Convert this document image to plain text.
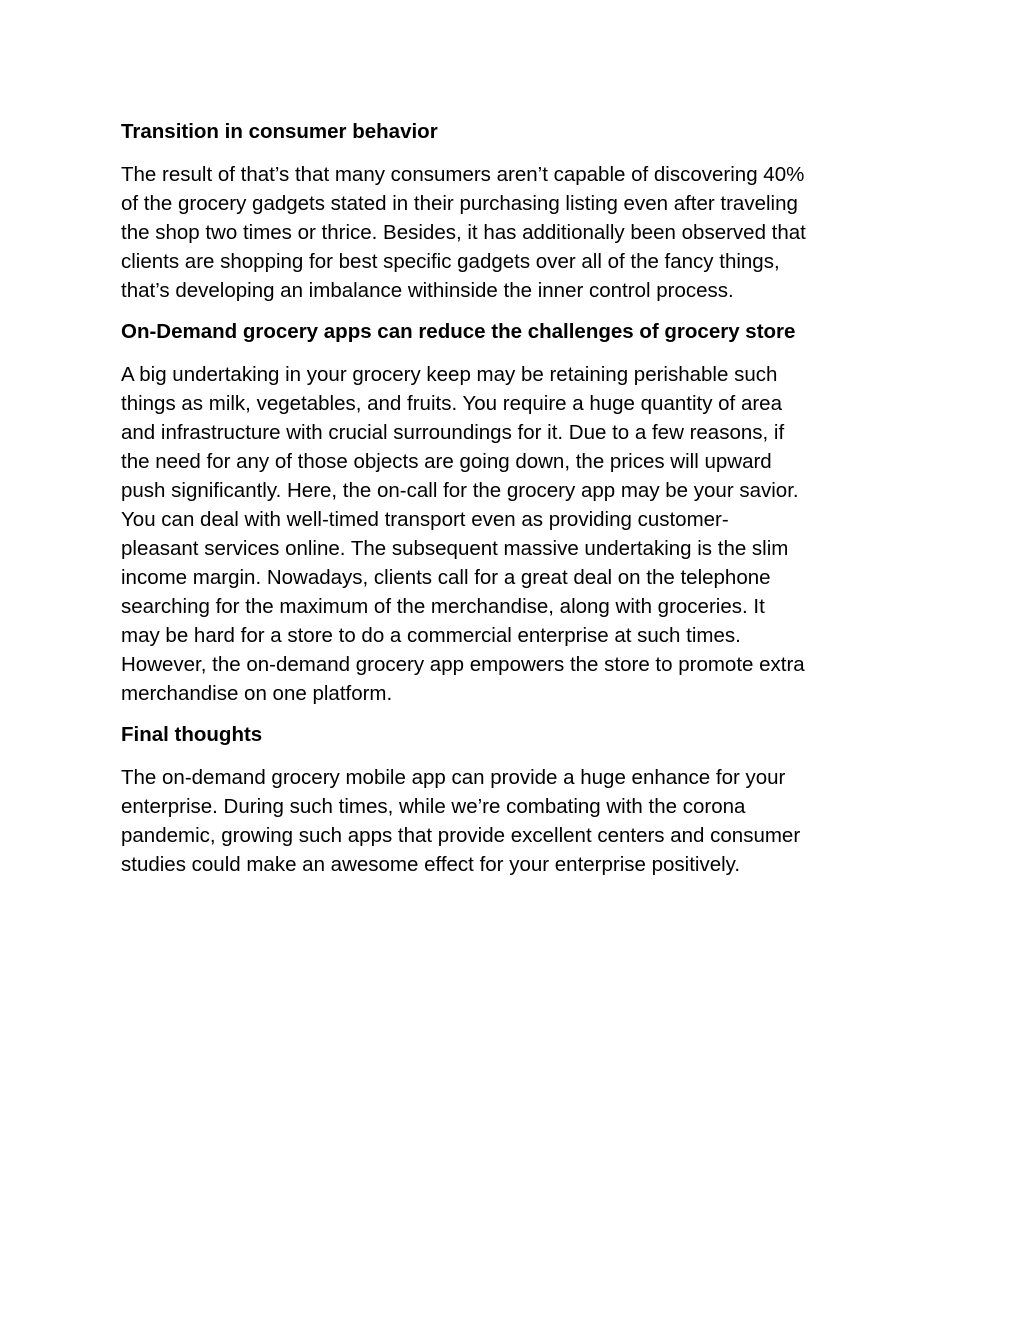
Transition in consumer behavior

The result of that’s that many consumers aren’t capable of discovering 40%
of the grocery gadgets stated in their purchasing listing even after traveling
the shop two times or thrice. Besides, it has additionally been observed that
clients are shopping for best specific gadgets over all of the fancy things,
that’s developing an imbalance withinside the inner control process.

On-Demand grocery apps can reduce the challenges of grocery store

A big undertaking in your grocery keep may be retaining perishable such
things as milk, vegetables, and fruits. You require a huge quantity of area
and infrastructure with crucial surroundings for it. Due to a few reasons, if
the need for any of those objects are going down, the prices will upward
push significantly. Here, the on-call for the grocery app may be your savior.
You can deal with well-timed transport even as providing customer-
pleasant services online. The subsequent massive undertaking is the slim
income margin. Nowadays, clients call for a great deal on the telephone
searching for the maximum of the merchandise, along with groceries. It
may be hard for a store to do a commercial enterprise at such times.
However, the on-demand grocery app empowers the store to promote extra
merchandise on one platform.

Final thoughts

The on-demand grocery mobile app can provide a huge enhance for your
enterprise. During such times, while we’re combating with the corona
pandemic, growing such apps that provide excellent centers and consumer
studies could make an awesome effect for your enterprise positively.
